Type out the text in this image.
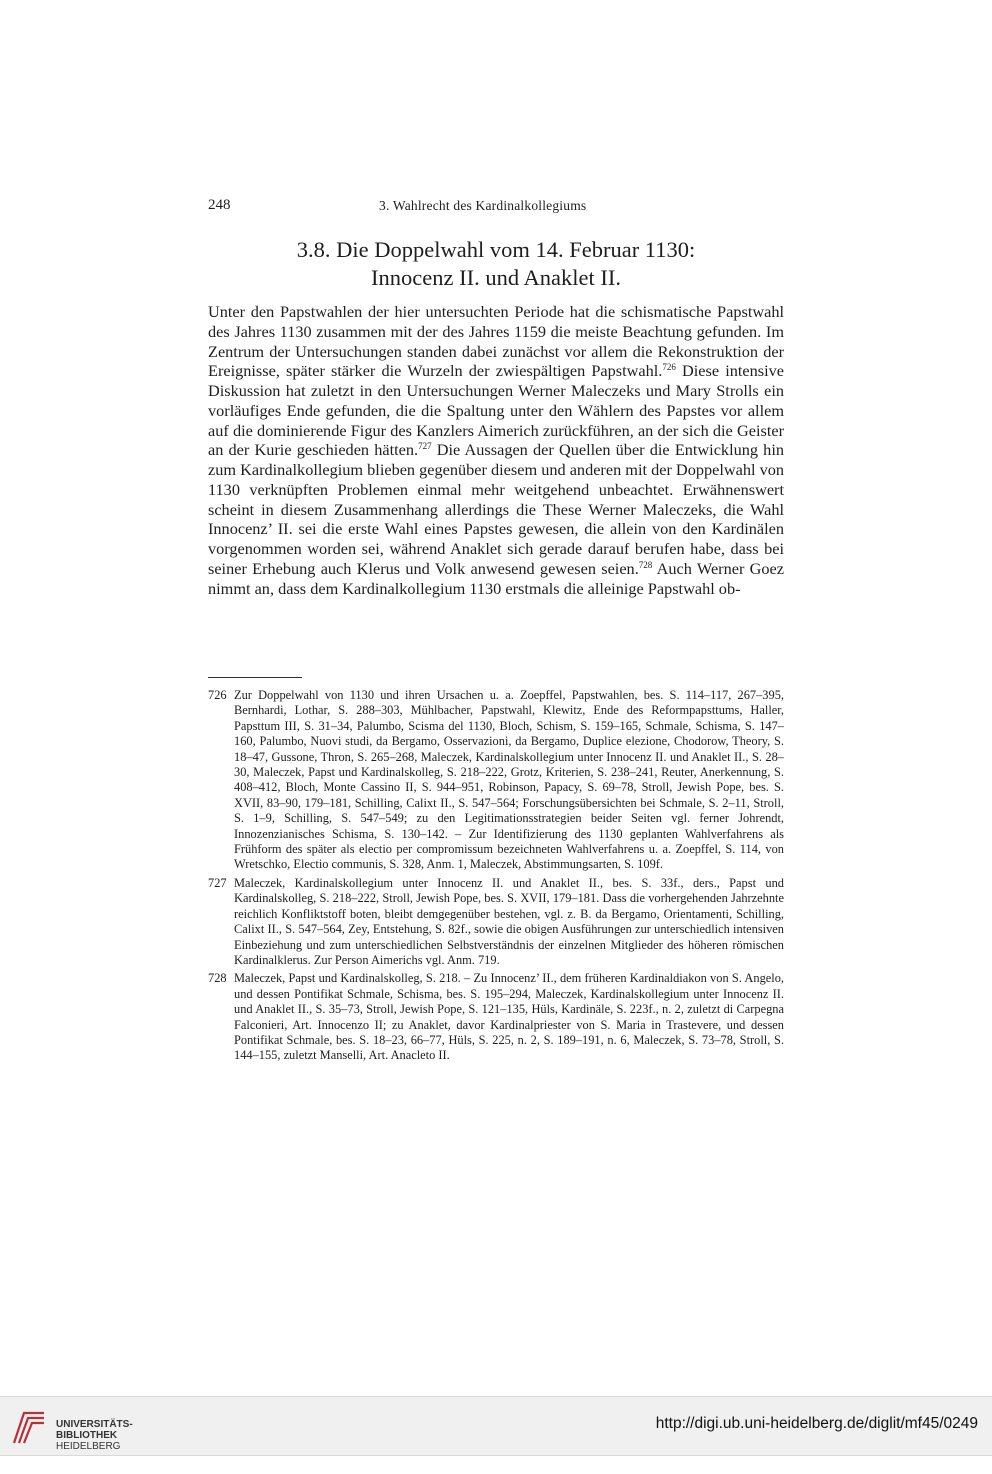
248	3. Wahlrecht des Kardinalkollegiums
3.8. Die Doppelwahl vom 14. Februar 1130:
Innocenz II. und Anaklet II.

Unter den Papstwahlen der hier untersuchten Periode hat die schismatische Papstwahl des Jahres 1130 zusammen mit der des Jahres 1159 die meiste Beachtung gefunden. Im Zentrum der Untersuchungen standen dabei zunächst vor allem die Rekonstruktion der Ereignisse, später stärker die Wurzeln der zwiespältigen Papstwahl.$^{726}$ Diese intensive Diskussion hat zuletzt in den Untersuchungen Werner Maleczeks und Mary Strolls ein vorläufiges Ende gefunden, die die Spaltung unter den Wählern des Papstes vor allem auf die dominierende Figur des Kanzlers Aimerich zurückführen, an der sich die Geister an der Kurie geschieden hätten.$^{727}$ Die Aussagen der Quellen über die Entwicklung hin zum Kardinalkollegium blieben gegenüber diesem und anderen mit der Doppelwahl von 1130 verknüpften Problemen einmal mehr weitgehend unbeachtet. Erwähnenswert scheint in diesem Zusammenhang allerdings die These Werner Maleczeks, die Wahl Innocenz’ II. sei die erste Wahl eines Papstes gewesen, die allein von den Kardinälen vorgenommen worden sei, während Anaklet sich gerade darauf berufen habe, dass bei seiner Erhebung auch Klerus und Volk anwesend gewesen seien.$^{728}$ Auch Werner Goez nimmt an, dass dem Kardinalkollegium 1130 erstmals die alleinige Papstwahl ob-

726 Zur Doppelwahl von 1130 und ihren Ursachen u. a. Zoepffel, Papstwahlen, bes. S. 114–117, 267–395, Bernhardi, Lothar, S. 288–303, Mühlbacher, Papstwahl, Klewitz, Ende des Reformpapsttums, Haller, Papsttum III, S. 31–34, Palumbo, Scisma del 1130, Bloch, Schism, S. 159–165, Schmale, Schisma, S. 147–160, Palumbo, Nuovi studi, da Bergamo, Osservazioni, da Bergamo, Duplice elezione, Chodorow, Theory, S. 18–47, Gussone, Thron, S. 265–268, Maleczek, Kardinalskollegium unter Innocenz II. und Anaklet II., S. 28–30, Maleczek, Papst und Kardinalskolleg, S. 218–222, Grotz, Kriterien, S. 238–241, Reuter, Anerkennung, S. 408–412, Bloch, Monte Cassino II, S. 944–951, Robinson, Papacy, S. 69–78, Stroll, Jewish Pope, bes. S. XVII, 83–90, 179–181, Schilling, Calixt II., S. 547–564; Forschungsübersichten bei Schmale, S. 2–11, Stroll, S. 1–9, Schilling, S. 547–549; zu den Legitimationsstrategien beider Seiten vgl. ferner Johrendt, Innozenzianisches Schisma, S. 130–142. – Zur Identifizierung des 1130 geplanten Wahlverfahrens als Frühform des später als electio per compromissum bezeichneten Wahlverfahrens u. a. Zoepffel, S. 114, von Wretschko, Electio communis, S. 328, Anm. 1, Maleczek, Abstimmungsarten, S. 109f.
727 Maleczek, Kardinalskollegium unter Innocenz II. und Anaklet II., bes. S. 33f., ders., Papst und Kardinalskolleg, S. 218–222, Stroll, Jewish Pope, bes. S. XVII, 179–181. Dass die vorhergehenden Jahrzehnte reichlich Konfliktstoff boten, bleibt demgegenüber bestehen, vgl. z. B. da Bergamo, Orientamenti, Schilling, Calixt II., S. 547–564, Zey, Entstehung, S. 82f., sowie die obigen Ausführungen zur unterschiedlich intensiven Einbeziehung und zum unterschiedlichen Selbstverständnis der einzelnen Mitglieder des höheren römischen Kardinalklerus. Zur Person Aimerichs vgl. Anm. 719.
728 Maleczek, Papst und Kardinalskolleg, S. 218. – Zu Innocenz’ II., dem früheren Kardinaldiakon von S. Angelo, und dessen Pontifikat Schmale, Schisma, bes. S. 195–294, Maleczek, Kardinalskollegium unter Innocenz II. und Anaklet II., S. 35–73, Stroll, Jewish Pope, S. 121–135, Hüls, Kardinäle, S. 223f., n. 2, zuletzt di Carpegna Falconieri, Art. Innocenzo II; zu Anaklet, davor Kardinalpriester von S. Maria in Trastevere, und dessen Pontifikat Schmale, bes. S. 18–23, 66–77, Hüls, S. 225, n. 2, S. 189–191, n. 6, Maleczek, S. 73–78, Stroll, S. 144–155, zuletzt Manselli, Art. Anacleto II.
UNIVERSITÄTS-
BIBLIOTHEK
HEIDELBERG
http://digi.ub.uni-heidelberg.de/diglit/mf45/0249
